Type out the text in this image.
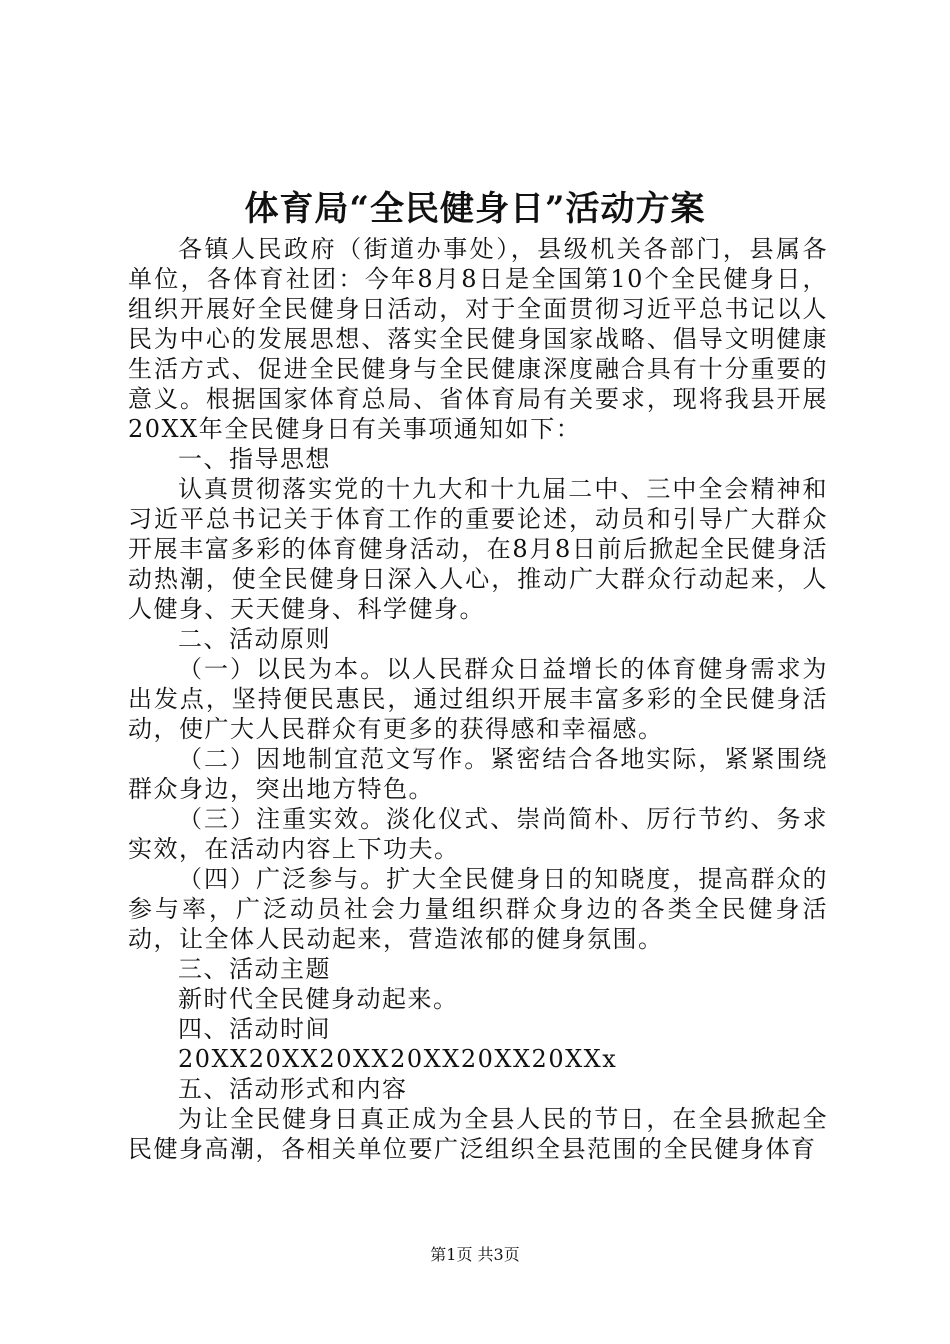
体育局“全民健身日”活动方案

各镇人民政府（街道办事处），县级机关各部门，县属各单位，各体育社团：今年8月8日是全国第10个全民健身日，组织开展好全民健身日活动，对于全面贯彻习近平总书记以人民为中心的发展思想、落实全民健身国家战略、倡导文明健康生活方式、促进全民健身与全民健康深度融合具有十分重要的意义。根据国家体育总局、省体育局有关要求，现将我县开展20XX年全民健身日有关事项通知如下：

一、指导思想

认真贯彻落实党的十九大和十九届二中、三中全会精神和习近平总书记关于体育工作的重要论述，动员和引导广大群众开展丰富多彩的体育健身活动，在8月8日前后掀起全民健身活动热潮，使全民健身日深入人心，推动广大群众行动起来，人人健身、天天健身、科学健身。

二、活动原则

（一）以民为本。以人民群众日益增长的体育健身需求为出发点，坚持便民惠民，通过组织开展丰富多彩的全民健身活动，使广大人民群众有更多的获得感和幸福感。

（二）因地制宜范文写作。紧密结合各地实际，紧紧围绕群众身边，突出地方特色。

（三）注重实效。淡化仪式、崇尚简朴、厉行节约、务求实效，在活动内容上下功夫。

（四）广泛参与。扩大全民健身日的知晓度，提高群众的参与率，广泛动员社会力量组织群众身边的各类全民健身活动，让全体人民动起来，营造浓郁的健身氛围。

三、活动主题

新时代全民健身动起来。

四、活动时间

20XX20XX20XX20XX20XX20XXx

五、活动形式和内容

为让全民健身日真正成为全县人民的节日，在全县掀起全民健身高潮，各相关单位要广泛组织全县范围的全民健身体育

第1页 共3页
